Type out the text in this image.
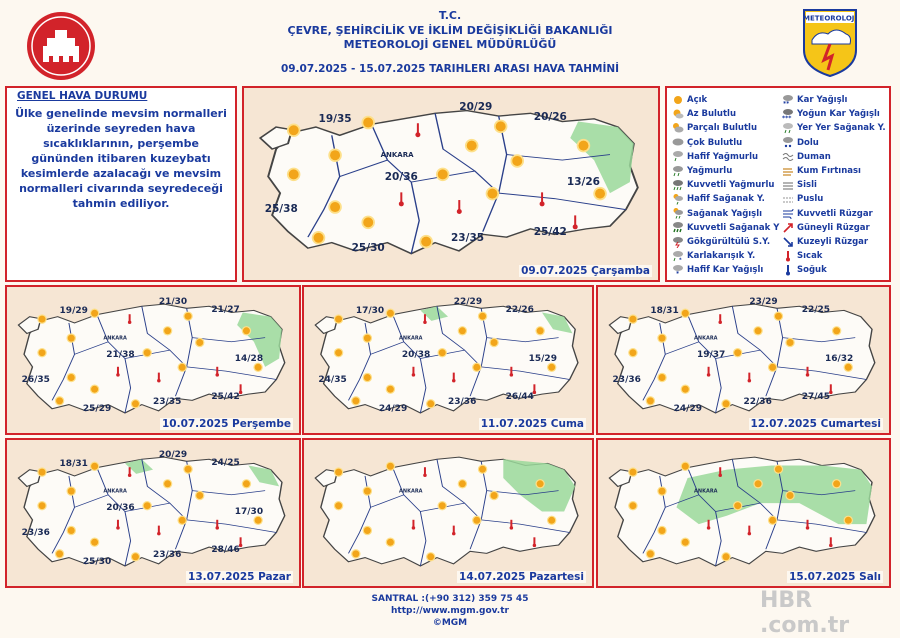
T.C.
ÇEVRE, ŞEHİRCİLİK VE İKLİM DEĞİŞİKLİĞİ BAKANLIĞI
METEOROLOJİ GENEL MÜDÜRLÜĞÜ
09.07.2025 - 15.07.2025 TARIHLERI ARASI HAVA TAHMİNİ
METEOROLOJİ
GENEL HAVA DURUMU
Ülke genelinde mevsim normalleri üzerinde seyreden hava sıcaklıklarının, perşembe gününden itibaren kuzeybatı kesimlerde azalacağı ve mevsim normalleri civarında seyredeceği tahmin ediliyor.
ANKARA
09.07.2025 Çarşamba
19/35
20/29
20/26
20/36	13/26
25/38
25/30
23/35	25/42
Açık
Az Bulutlu
Parçalı Bulutlu
Çok Bulutlu
Hafif Yağmurlu
Yağmurlu
Kuvvetli Yağmurlu
Hafif Sağanak Y.
Sağanak Yağışlı
Kuvvetli Sağanak Y
Gökgürültülü S.Y.
* Karlakarışık Y.
* Hafif Kar Yağışlı
** Kar Yağışlı
*** Yoğun Kar Yağışlı
Yer Yer Sağanak Y.
Dolu
Duman
Kum Fırtınası
Sisli
Puslu
Kuvvetli Rüzgar
Güneyli Rüzgar
Kuzeyli Rüzgar
Sıcak
Soğuk
ANKARA
19/29
21/30
21/27
21/38	14/28
26/35
25/29
23/35	25/42
10.07.2025 Perşembe
ANKARA
17/30
22/29
22/26
20/38	15/29
24/35
24/29
23/36	26/44
11.07.2025 Cuma
ANKARA
18/31
23/29
22/25
19/37	16/32
23/36
24/29
22/36	27/45
12.07.2025 Cumartesi
ANKARA
18/31
20/29
24/25
20/36	17/30
23/36
25/30
23/36	28/46
13.07.2025 Pazar
ANKARA
14.07.2025 Pazartesi
ANKARA
15.07.2025 Salı
SANTRAL :(+90 312) 359 75 45
http://www.mgm.gov.tr
©MGM
HBR .com.tr
